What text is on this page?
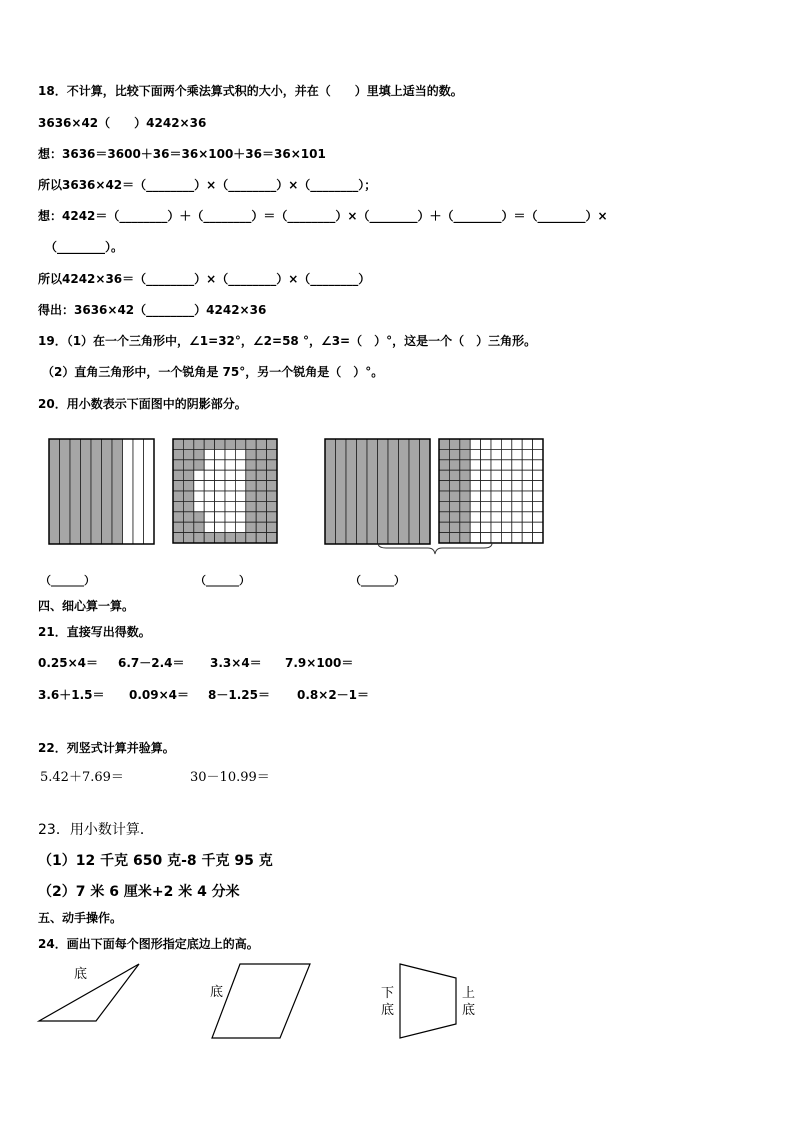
18．不计算，比较下面两个乘法算式积的大小，并在（　　）里填上适当的数。
3636×42（　　）4242×36
想：3636＝3600＋36＝36×100＋36＝36×101
所以3636×42＝（________）×（________）×（________）；
想：4242＝（________）＋（________）＝（________）×（________）＋（________）＝（________）×
（________）。
所以4242×36＝（________）×（________）×（________）
得出：3636×42（________）4242×36
19．（1）在一个三角形中，∠1=32°，∠2=58 °，∠3=（　）°，这是一个（　）三角形。
（2）直角三角形中，一个锐角是 75°，另一个锐角是（　）°。
20．用小数表示下面图中的阴影部分。
（______）	（______）	（______）
四、细心算一算。
21．直接写出得数。
0.25×4＝ 6.7－2.4＝ 3.3×4＝ 7.9×100＝
3.6＋1.5＝ 0.09×4＝ 8－1.25＝ 0.8×2－1＝
22．列竖式计算并验算。
5.42＋7.69＝	30－10.99＝
23．用小数计算．
（1）12 千克 650 克-8 千克 95 克
（2）7 米 6 厘米+2 米 4 分米
五、动手操作。
24．画出下面每个图形指定底边上的高。
底
底	下
底
上
底
